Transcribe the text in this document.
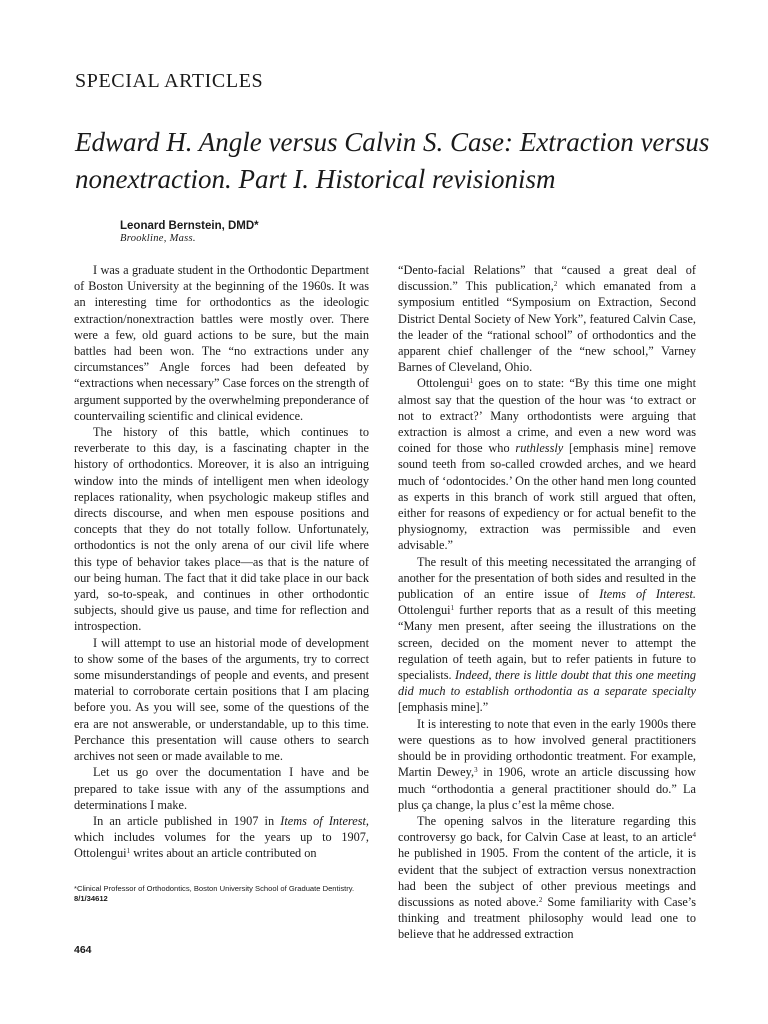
SPECIAL ARTICLES
Edward H. Angle versus Calvin S. Case: Extraction versus nonextraction. Part I. Historical revisionism
Leonard Bernstein, DMD*
Brookline, Mass.

I was a graduate student in the Orthodontic Department of Boston University at the beginning of the 1960s. It was an interesting time for orthodontics as the ideologic extraction/nonextraction battles were mostly over. There were a few, old guard actions to be sure, but the main battles had been won. The “no extractions under any circumstances” Angle forces had been defeated by “extractions when necessary” Case forces on the strength of argument supported by the overwhelming preponderance of countervailing scientific and clinical evidence.

The history of this battle, which continues to reverberate to this day, is a fascinating chapter in the history of orthodontics. Moreover, it is also an intriguing window into the minds of intelligent men when ideology replaces rationality, when psychologic makeup stifles and directs discourse, and when men espouse positions and concepts that they do not totally follow. Unfortunately, orthodontics is not the only arena of our civil life where this type of behavior takes place—as that is the nature of our being human. The fact that it did take place in our back yard, so-to-speak, and continues in other orthodontic subjects, should give us pause, and time for reflection and introspection.

I will attempt to use an historial mode of development to show some of the bases of the arguments, try to correct some misunderstandings of people and events, and present material to corroborate certain positions that I am placing before you. As you will see, some of the questions of the era are not answerable, or understandable, up to this time. Perchance this presentation will cause others to search archives not seen or made available to me.

Let us go over the documentation I have and be prepared to take issue with any of the assumptions and determinations I make.

In an article published in 1907 in Items of Interest, which includes volumes for the years up to 1907, Ottolengui$^1$ writes about an article contributed on

“Dento-facial Relations” that “caused a great deal of discussion.” This publication,$^2$ which emanated from a symposium entitled “Symposium on Extraction, Second District Dental Society of New York”, featured Calvin Case, the leader of the “rational school” of orthodontics and the apparent chief challenger of the “new school,” Varney Barnes of Cleveland, Ohio.

Ottolengui$^1$ goes on to state: “By this time one might almost say that the question of the hour was ‘to extract or not to extract?’ Many orthodontists were arguing that extraction is almost a crime, and even a new word was coined for those who ruthlessly [emphasis mine] remove sound teeth from so-called crowded arches, and we heard much of ‘odontocides.’ On the other hand men long counted as experts in this branch of work still argued that often, either for reasons of expediency or for actual benefit to the physiognomy, extraction was permissible and even advisable.”

The result of this meeting necessitated the arranging of another for the presentation of both sides and resulted in the publication of an entire issue of Items of Interest. Ottolengui$^1$ further reports that as a result of this meeting “Many men present, after seeing the illustrations on the screen, decided on the moment never to attempt the regulation of teeth again, but to refer patients in future to specialists. Indeed, there is little doubt that this one meeting did much to establish orthodontia as a separate specialty [emphasis mine].”

It is interesting to note that even in the early 1900s there were questions as to how involved general practitioners should be in providing orthodontic treatment. For example, Martin Dewey,$^3$ in 1906, wrote an article discussing how much “orthodontia a general practitioner should do.” La plus ça change, la plus c’est la même chose.

The opening salvos in the literature regarding this controversy go back, for Calvin Case at least, to an article$^4$ he published in 1905. From the content of the article, it is evident that the subject of extraction versus nonextraction had been the subject of other previous meetings and discussions as noted above.$^2$ Some familiarity with Case’s thinking and treatment philosophy would lead one to believe that he addressed extraction

*Clinical Professor of Orthodontics, Boston University School of Graduate Dentistry.
8/1/34612
464
